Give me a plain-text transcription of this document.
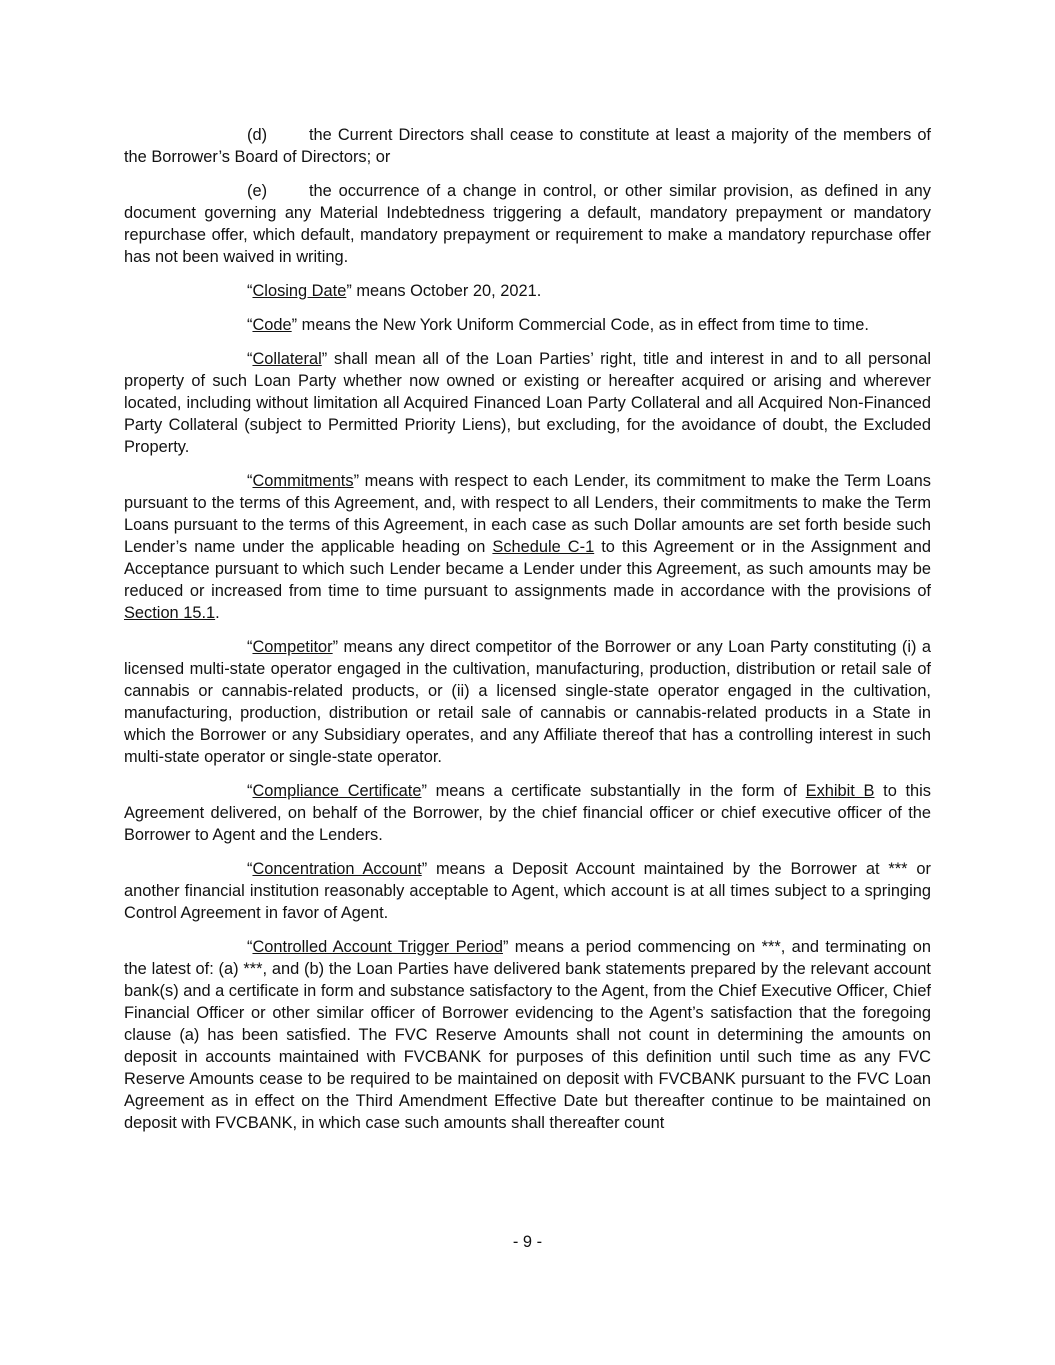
(d)	the Current Directors shall cease to constitute at least a majority of the members of the Borrower’s Board of Directors; or

(e)	the occurrence of a change in control, or other similar provision, as defined in any document governing any Material Indebtedness triggering a default, mandatory prepayment or mandatory repurchase offer, which default, mandatory prepayment or requirement to make a mandatory repurchase offer has not been waived in writing.

“Closing Date” means October 20, 2021.

“Code” means the New York Uniform Commercial Code, as in effect from time to time.

“Collateral” shall mean all of the Loan Parties’ right, title and interest in and to all personal property of such Loan Party whether now owned or existing or hereafter acquired or arising and wherever located, including without limitation all Acquired Financed Loan Party Collateral and all Acquired Non-Financed Party Collateral (subject to Permitted Priority Liens), but excluding, for the avoidance of doubt, the Excluded Property.

“Commitments” means with respect to each Lender, its commitment to make the Term Loans pursuant to the terms of this Agreement, and, with respect to all Lenders, their commitments to make the Term Loans pursuant to the terms of this Agreement, in each case as such Dollar amounts are set forth beside such Lender’s name under the applicable heading on Schedule C-1 to this Agreement or in the Assignment and Acceptance pursuant to which such Lender became a Lender under this Agreement, as such amounts may be reduced or increased from time to time pursuant to assignments made in accordance with the provisions of Section 15.1.

“Competitor” means any direct competitor of the Borrower or any Loan Party constituting (i) a licensed multi-state operator engaged in the cultivation, manufacturing, production, distribution or retail sale of cannabis or cannabis-related products, or (ii) a licensed single-state operator engaged in the cultivation, manufacturing, production, distribution or retail sale of cannabis or cannabis-related products in a State in which the Borrower or any Subsidiary operates, and any Affiliate thereof that has a controlling interest in such multi-state operator or single-state operator.

“Compliance Certificate” means a certificate substantially in the form of Exhibit B to this Agreement delivered, on behalf of the Borrower, by the chief financial officer or chief executive officer of the Borrower to Agent and the Lenders.

“Concentration Account” means a Deposit Account maintained by the Borrower at *** or another financial institution reasonably acceptable to Agent, which account is at all times subject to a springing Control Agreement in favor of Agent.

“Controlled Account Trigger Period” means a period commencing on ***, and terminating on the latest of: (a) ***, and (b) the Loan Parties have delivered bank statements prepared by the relevant account bank(s) and a certificate in form and substance satisfactory to the Agent, from the Chief Executive Officer, Chief Financial Officer or other similar officer of Borrower evidencing to the Agent’s satisfaction that the foregoing clause (a) has been satisfied. The FVC Reserve Amounts shall not count in determining the amounts on deposit in accounts maintained with FVCBANK for purposes of this definition until such time as any FVC Reserve Amounts cease to be required to be maintained on deposit with FVCBANK pursuant to the FVC Loan Agreement as in effect on the Third Amendment Effective Date but thereafter continue to be maintained on deposit with FVCBANK, in which case such amounts shall thereafter count

- 9 -
